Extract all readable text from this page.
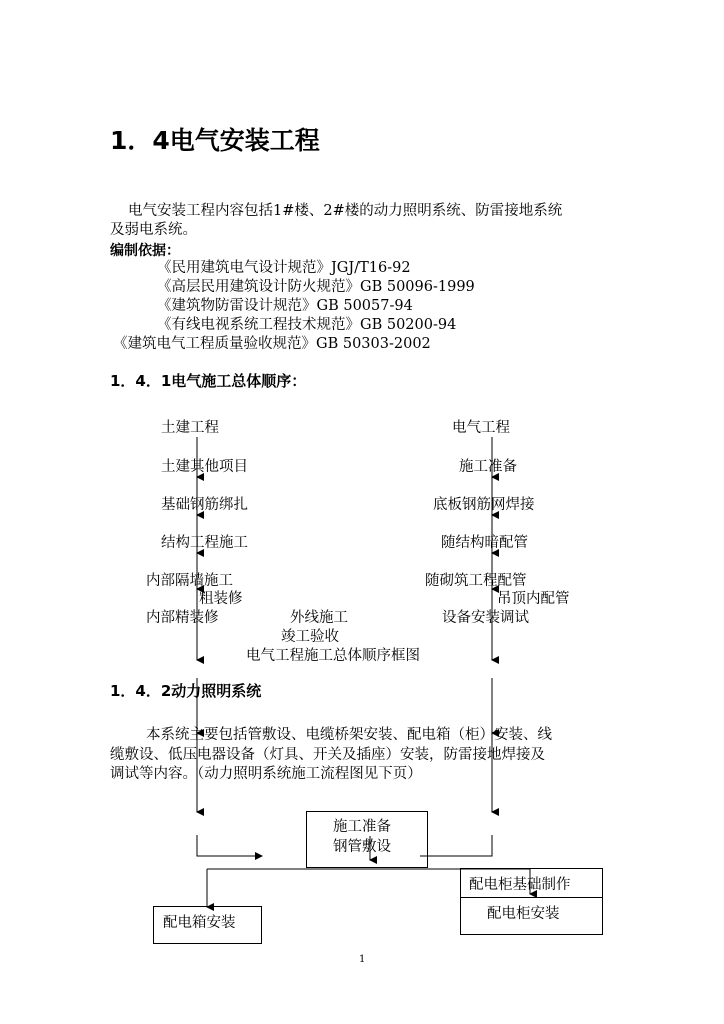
1．4电气安装工程
电气安装工程内容包括1#楼、2#楼的动力照明系统、防雷接地系统
及弱电系统。
编制依据：
《民用建筑电气设计规范》JGJ/T16-92
《高层民用建筑设计防火规范》GB 50096-1999
《建筑物防雷设计规范》GB 50057-94
《有线电视系统工程技术规范》GB 50200-94
《建筑电气工程质量验收规范》GB 50303-2002
1．4．1电气施工总体顺序：
土建工程
土建其他项目
基础钢筋绑扎
结构工程施工
内部隔墙施工
粗装修
内部精装修
电气工程
施工准备
底板钢筋网焊接
随结构暗配管
随砌筑工程配管
吊顶内配管
设备安装调试
外线施工
竣工验收
电气工程施工总体顺序框图
1．4．2动力照明系统
本系统主要包括管敷设、电缆桥架安装、配电箱（柜）安装、线
缆敷设、低压电器设备（灯具、开关及插座）安装，防雷接地焊接及
调试等内容。（动力照明系统施工流程图见下页）
施工准备
钢管敷设
配电柜基础制作
配电柜安装
配电箱安装
1
